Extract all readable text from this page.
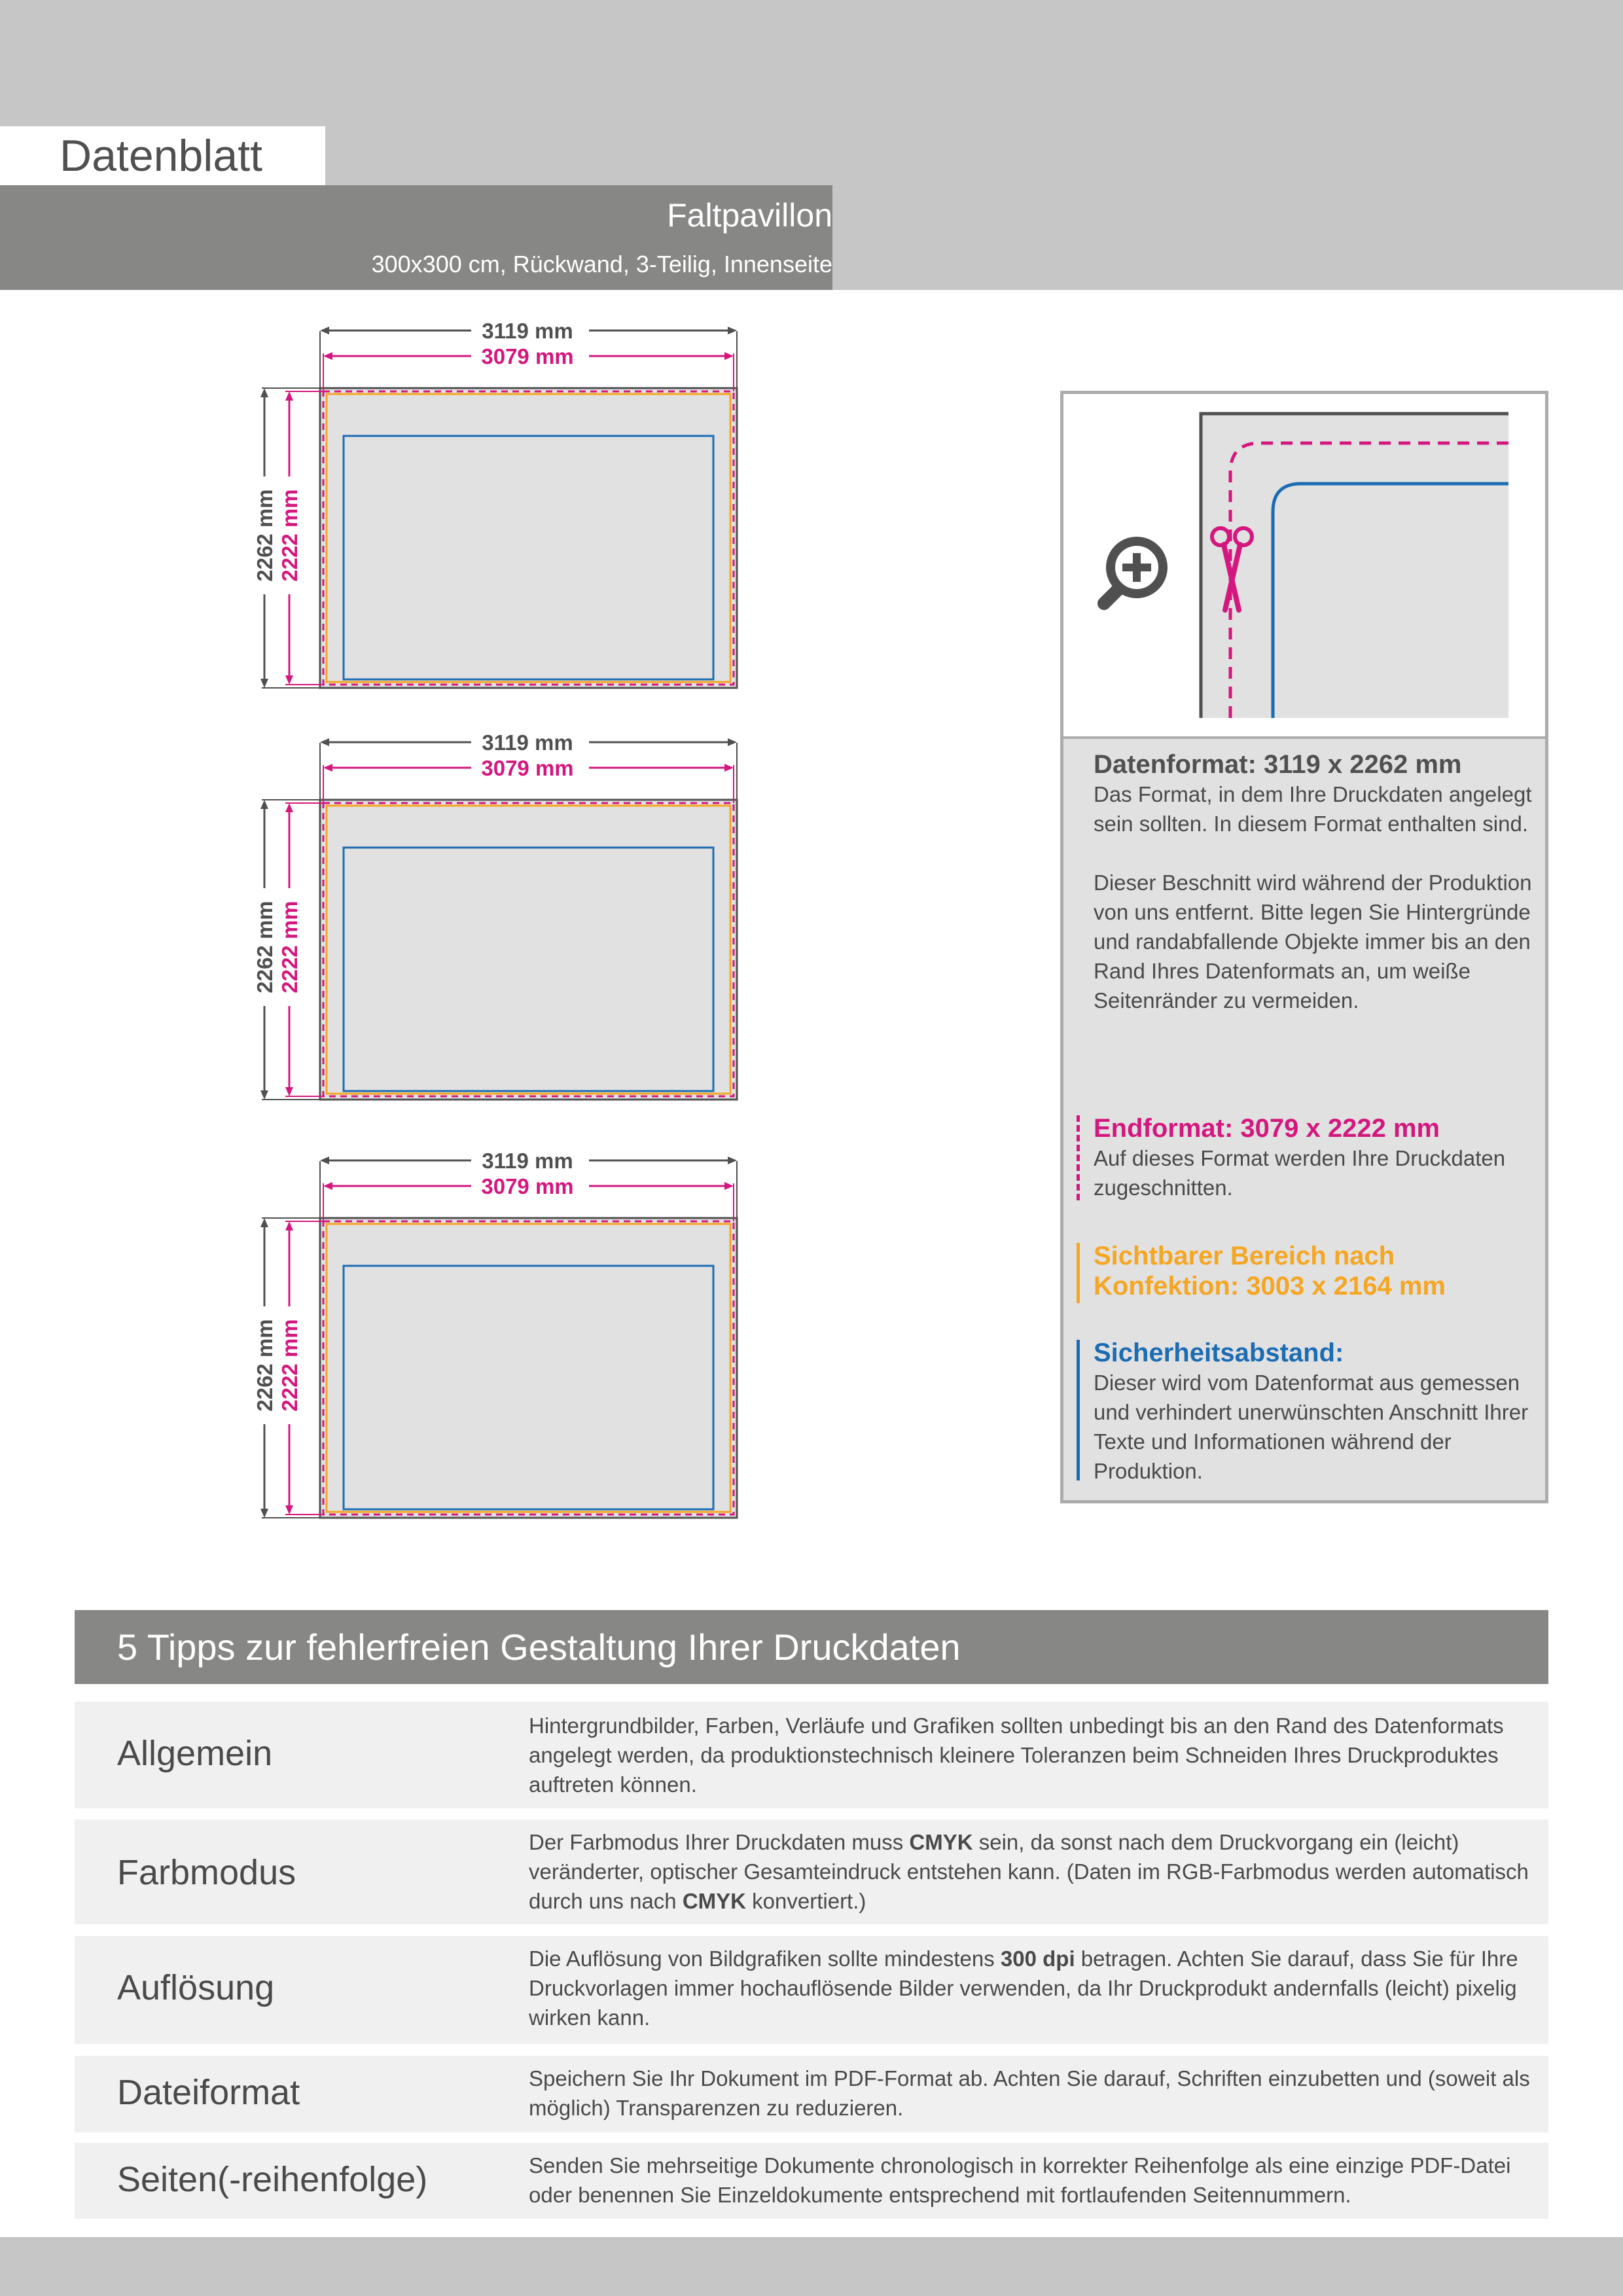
Datenblatt
Faltpavillon
300x300 cm, Rückwand, 3-Teilig, Innenseite
3119 mm
3079 mm
2262 mm 2222 mm
3119 mm
3079 mm
2262 mm 2222 mm
3119 mm
3079 mm
2262 mm 2222 mm
Datenformat: 3119 x 2262 mm
Das Format, in dem Ihre Druckdaten angelegt sein sollten. In diesem Format enthalten sind.
Dieser Beschnitt wird während der Produktion von uns entfernt. Bitte legen Sie Hintergründe und randabfallende Objekte immer bis an den Rand Ihres Datenformats an, um weiße Seitenränder zu vermeiden.
Endformat: 3079 x 2222 mm
Auf dieses Format werden Ihre Druckdaten zugeschnitten.
Sichtbarer Bereich nach Konfektion: 3003 x 2164 mm
Sicherheitsabstand:
Dieser wird vom Datenformat aus gemessen und verhindert unerwünschten Anschnitt Ihrer Texte und Informationen während der Produktion.
5 Tipps zur fehlerfreien Gestaltung Ihrer Druckdaten
Allgemein
Hintergrundbilder, Farben, Verläufe und Grafiken sollten unbedingt bis an den Rand des Datenformats angelegt werden, da produktionstechnisch kleinere Toleranzen beim Schneiden Ihres Druckproduktes auftreten können.
Farbmodus
Der Farbmodus Ihrer Druckdaten muss CMYK sein, da sonst nach dem Druckvorgang ein (leicht) veränderter, optischer Gesamteindruck entstehen kann. (Daten im RGB-Farbmodus werden automatisch durch uns nach CMYK konvertiert.)
Auflösung
Die Auflösung von Bildgrafiken sollte mindestens 300 dpi betragen. Achten Sie darauf, dass Sie für Ihre Druckvorlagen immer hochauflösende Bilder verwenden, da Ihr Druckprodukt andernfalls (leicht) pixelig wirken kann.
Dateiformat	Speichern Sie Ihr Dokument im PDF-Format ab. Achten Sie darauf, Schriften einzubetten und (soweit als möglich) Transparenzen zu reduzieren.
Seiten(-reihenfolge)	Senden Sie mehrseitige Dokumente chronologisch in korrekter Reihenfolge als eine einzige PDF-Datei oder benennen Sie Einzeldokumente entsprechend mit fortlaufenden Seitennummern.
